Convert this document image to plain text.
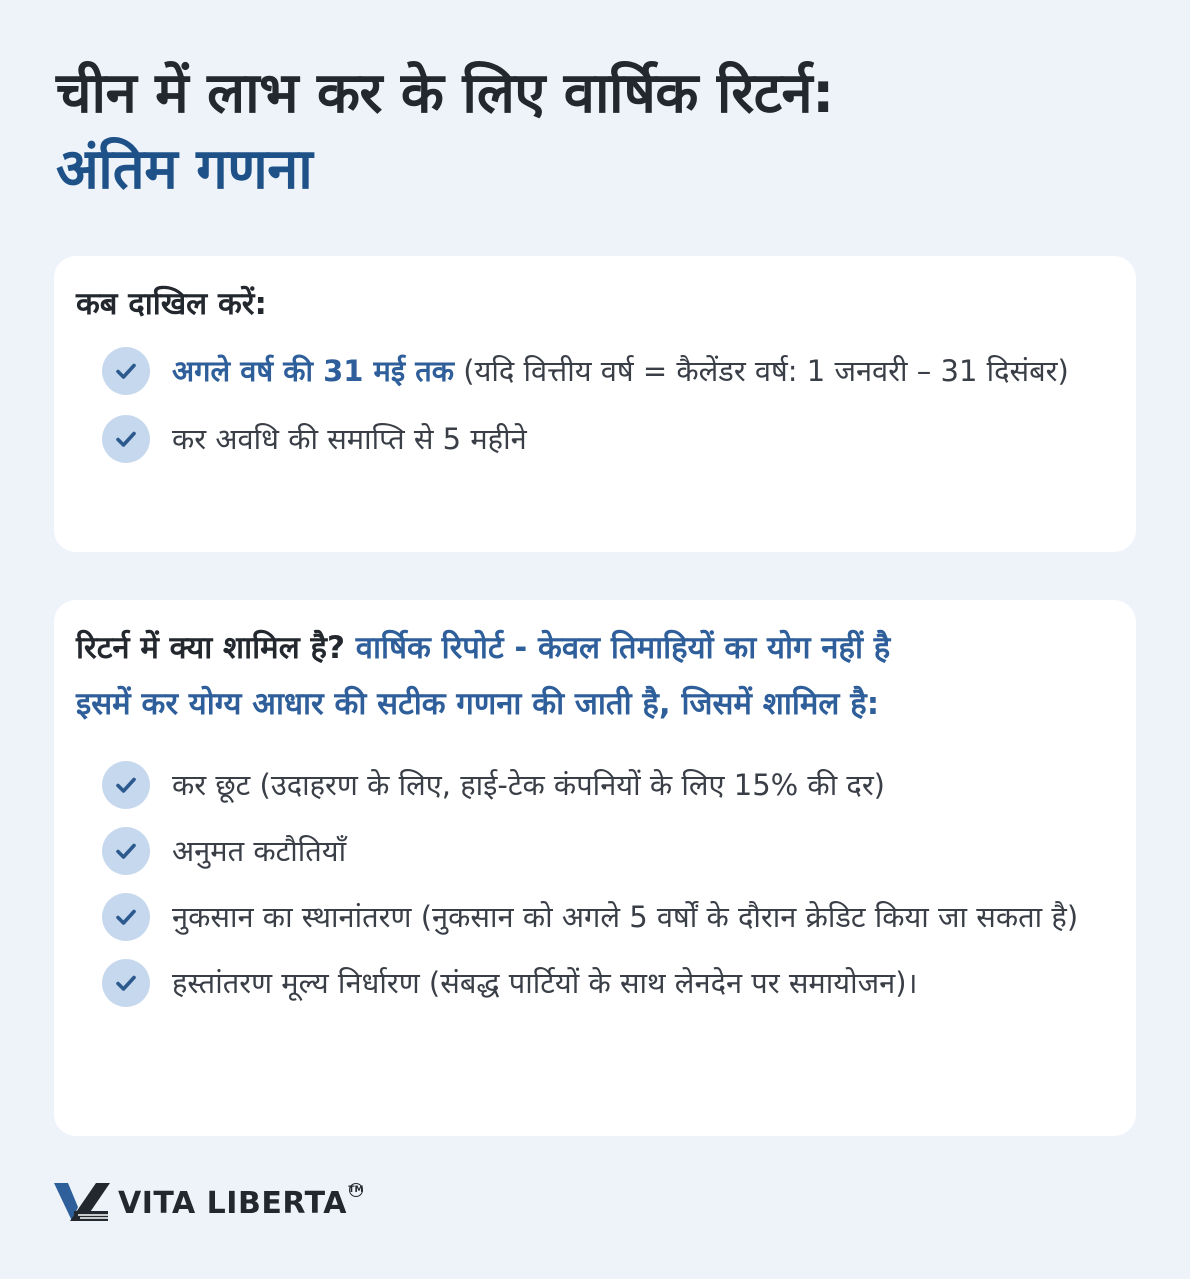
चीन में लाभ कर के लिए वार्षिक रिटर्न:
अंतिम गणना
कब दाखिल करें:
अगले वर्ष की 31 मई तक (यदि वित्तीय वर्ष = कैलेंडर वर्ष: 1 जनवरी – 31 दिसंबर)
कर अवधि की समाप्ति से 5 महीने
रिटर्न में क्या शामिल है? वार्षिक रिपोर्ट - केवल तिमाहियों का योग नहीं हैइसमें कर योग्य आधार की सटीक गणना की जाती है, जिसमें शामिल है:
कर छूट (उदाहरण के लिए, हाई-टेक कंपनियों के लिए 15% की दर)
अनुमत कटौतियाँ
नुकसान का स्थानांतरण (नुकसान को अगले 5 वर्षों के दौरान क्रेडिट किया जा सकता है)
हस्तांतरण मूल्य निर्धारण (संबद्ध पार्टियों के साथ लेनदेन पर समायोजन)।
VITA LIBERTA TM
